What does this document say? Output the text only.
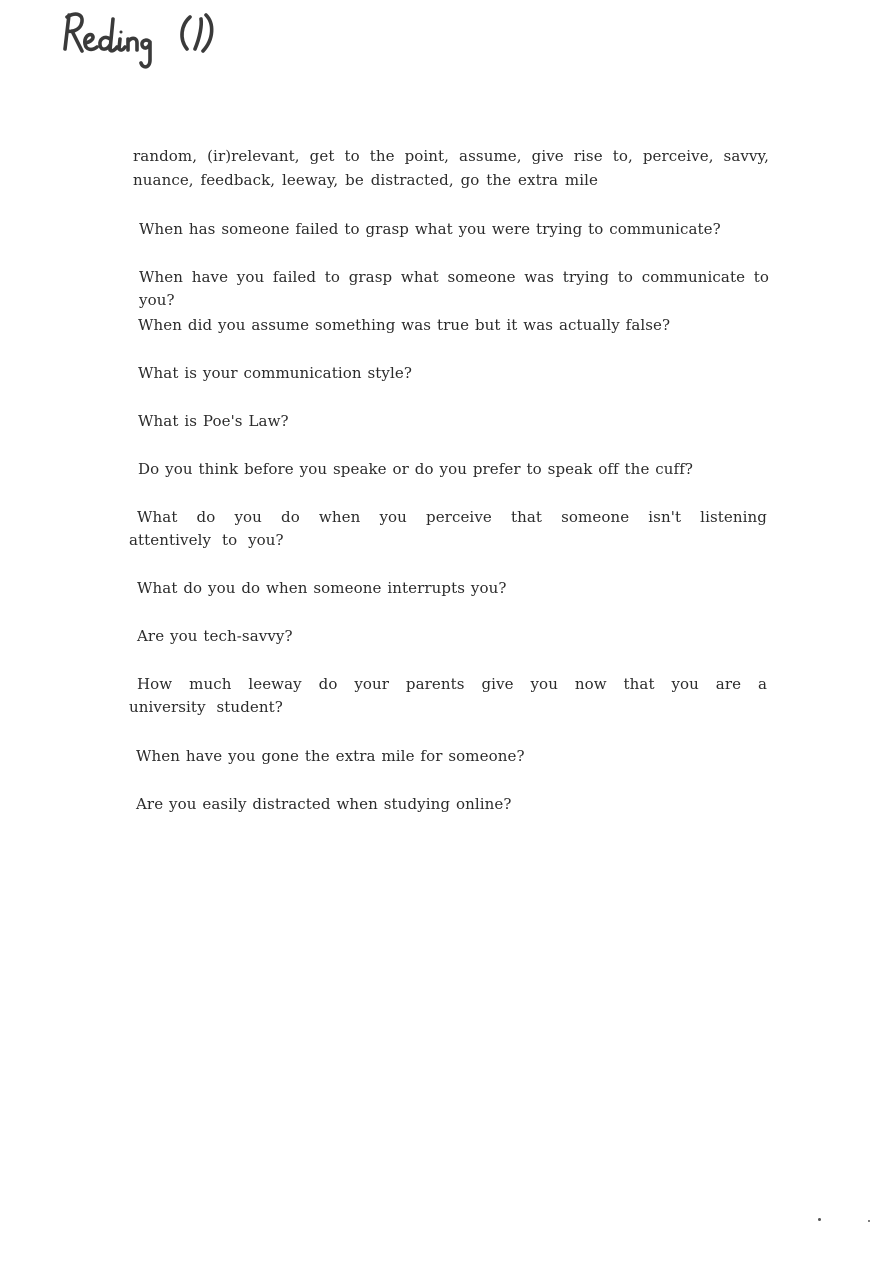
random, (ir)relevant, get to the point, assume, give rise to, perceive, savvy, nuance, feedback, leeway, be distracted, go the extra mile

When has someone failed to grasp what you were trying to communicate?
When have you failed to grasp what someone was trying to communicate to you?
When did you assume something was true but it was actually false?
What is your communication style?
What is Poe's Law?
Do you think before you speake or do you prefer to speak off the cuff?
What do you do when you perceive that someone isn't listening attentively to you?
What do you do when someone interrupts you?
Are you tech-savvy?
How much leeway do your parents give you now that you are a university student?
When have you gone the extra mile for someone?
Are you easily distracted when studying online?
